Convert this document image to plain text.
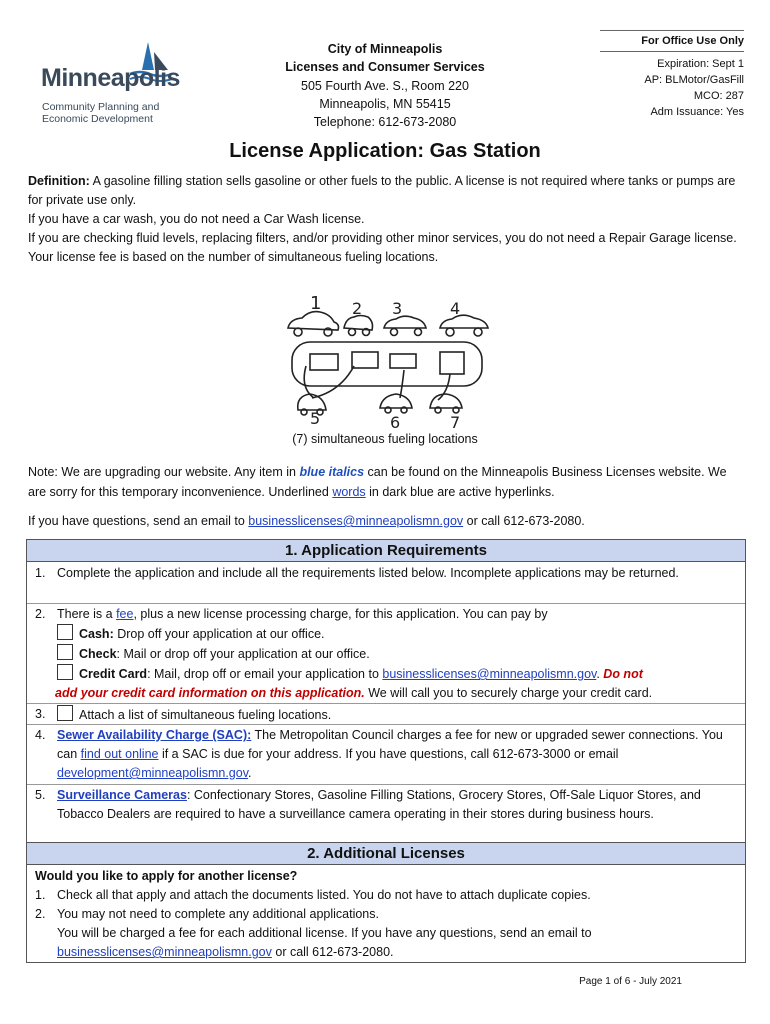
Minneapolis
Community Planning and
Economic Development
City of Minneapolis
Licenses and Consumer Services
505 Fourth Ave. S., Room 220
Minneapolis, MN 55415
Telephone: 612-673-2080
For Office Use Only
Expiration: Sept 1
AP: BLMotor/GasFill
MCO: 287
Adm Issuance: Yes
License Application: Gas Station

Definition: A gasoline filling station sells gasoline or other fuels to the public. A license is not required where tanks or pumps are for private use only.

If you have a car wash, you do not need a Car Wash license.

If you are checking fluid levels, replacing filters, and/or providing other minor services, you do not need a Repair Garage license.

Your license fee is based on the number of simultaneous fueling locations.

1 2 3	4
5	6	7
(7) simultaneous fueling locations

Note: We are upgrading our website. Any item in blue italics can be found on the Minneapolis Business Licenses website. We are sorry for this temporary inconvenience. Underlined words in dark blue are active hyperlinks.

If you have questions, send an email to businesslicenses@minneapolismn.gov or call 612-673-2080.

1. Application Requirements
1. Complete the application and include all the requirements listed below. Incomplete applications may be returned.
2. There is a fee, plus a new license processing charge, for this application. You can pay by
Cash: Drop off your application at our office.
Check: Mail or drop off your application at our office.
Credit Card: Mail, drop off or email your application to businesslicenses@minneapolismn.gov. Do not
add your credit card information on this application. We will call you to securely charge your credit card.
3.	Attach a list of simultaneous fueling locations.
4. Sewer Availability Charge (SAC): The Metropolitan Council charges a fee for new or upgraded sewer connections. You can find out online if a SAC is due for your address. If you have questions, call 612-673-3000 or email development@minneapolismn.gov.
5. Surveillance Cameras: Confectionary Stores, Gasoline Filling Stations, Grocery Stores, Off-Sale Liquor Stores, and Tobacco Dealers are required to have a surveillance camera operating in their stores during business hours.
2. Additional Licenses
Would you like to apply for another license?
1. Check all that apply and attach the documents listed. You do not have to attach duplicate copies.
2. You may not need to complete any additional applications.
You will be charged a fee for each additional license. If you have any questions, send an email to
businesslicenses@minneapolismn.gov or call 612-673-2080.
Page 1 of 6 - July 2021
